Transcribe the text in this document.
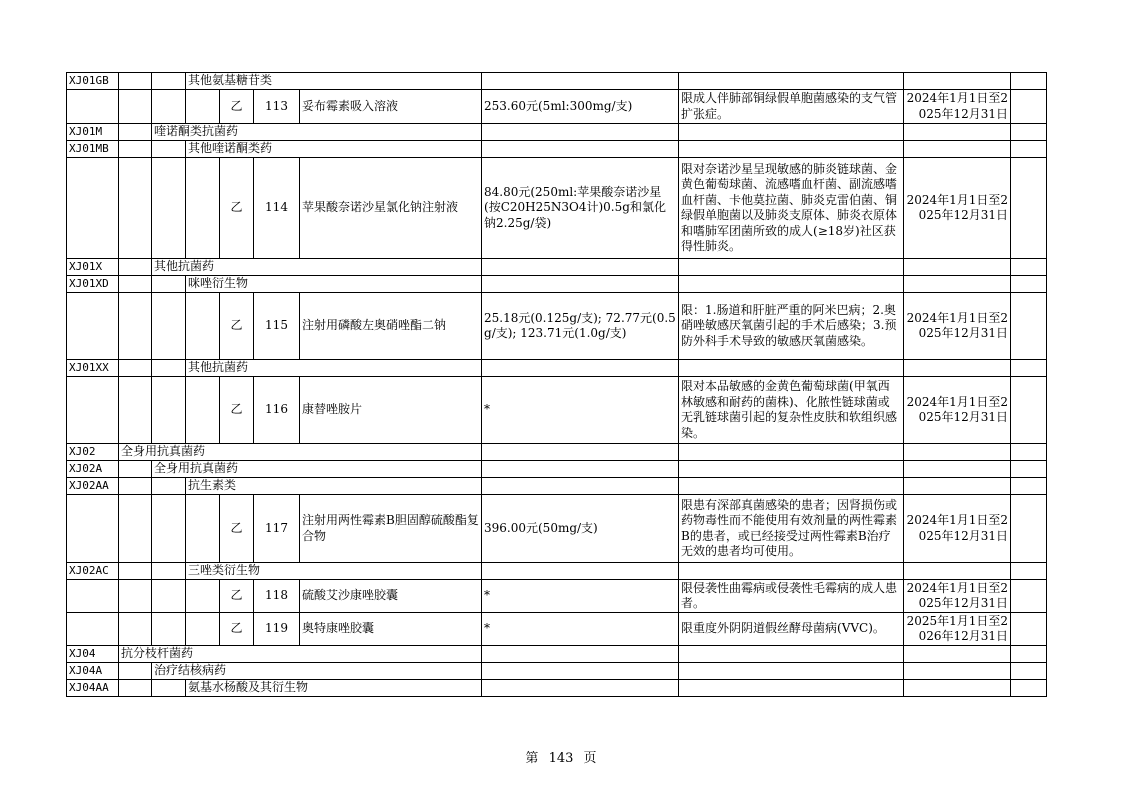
XJ01GB			其他氨基糖苷类							
				乙	113	妥布霉素吸入溶液	253.60元(5ml:300mg/支)	限成人伴肺部铜绿假单胞菌感染的支气管扩张症。	2024年1月1日至2025年12月31日	
XJ01M		喹诺酮类抗菌药								
XJ01MB			其他喹诺酮类药							
				乙	114	苹果酸奈诺沙星氯化钠注射液	84.80元(250ml:苹果酸奈诺沙星(按C20H25N3O4计)0.5g和氯化钠2.25g/袋)	限对奈诺沙星呈现敏感的肺炎链球菌、金黄色葡萄球菌、流感嗜血杆菌、副流感嗜血杆菌、卡他莫拉菌、肺炎克雷伯菌、铜绿假单胞菌以及肺炎支原体、肺炎衣原体和嗜肺军团菌所致的成人(≥18岁)社区获得性肺炎。	2024年1月1日至2025年12月31日	
XJ01X		其他抗菌药								
XJ01XD			咪唑衍生物							
				乙	115	注射用磷酸左奥硝唑酯二钠	25.18元(0.125g/支); 72.77元(0.5g/支); 123.71元(1.0g/支)	限：1.肠道和肝脏严重的阿米巴病；2.奥硝唑敏感厌氧菌引起的手术后感染；3.预防外科手术导致的敏感厌氧菌感染。	2024年1月1日至2025年12月31日	
XJ01XX			其他抗菌药							
				乙	116	康替唑胺片	*	限对本品敏感的金黄色葡萄球菌(甲氧西林敏感和耐药的菌株)、化脓性链球菌或无乳链球菌引起的复杂性皮肤和软组织感染。	2024年1月1日至2025年12月31日	
XJ02	全身用抗真菌药									
XJ02A		全身用抗真菌药								
XJ02AA			抗生素类							
				乙	117	注射用两性霉素B胆固醇硫酸酯复合物	396.00元(50mg/支)	限患有深部真菌感染的患者；因肾损伤或药物毒性而不能使用有效剂量的两性霉素B的患者，或已经接受过两性霉素B治疗无效的患者均可使用。	2024年1月1日至2025年12月31日	
XJ02AC			三唑类衍生物							
				乙	118	硫酸艾沙康唑胶囊	*	限侵袭性曲霉病或侵袭性毛霉病的成人患者。	2024年1月1日至2025年12月31日	
				乙	119	奥特康唑胶囊	*	限重度外阴阴道假丝酵母菌病(VVC)。	2025年1月1日至2026年12月31日	
XJ04	抗分枝杆菌药									
XJ04A		治疗结核病药								
XJ04AA			氨基水杨酸及其衍生物							
第 143 页
